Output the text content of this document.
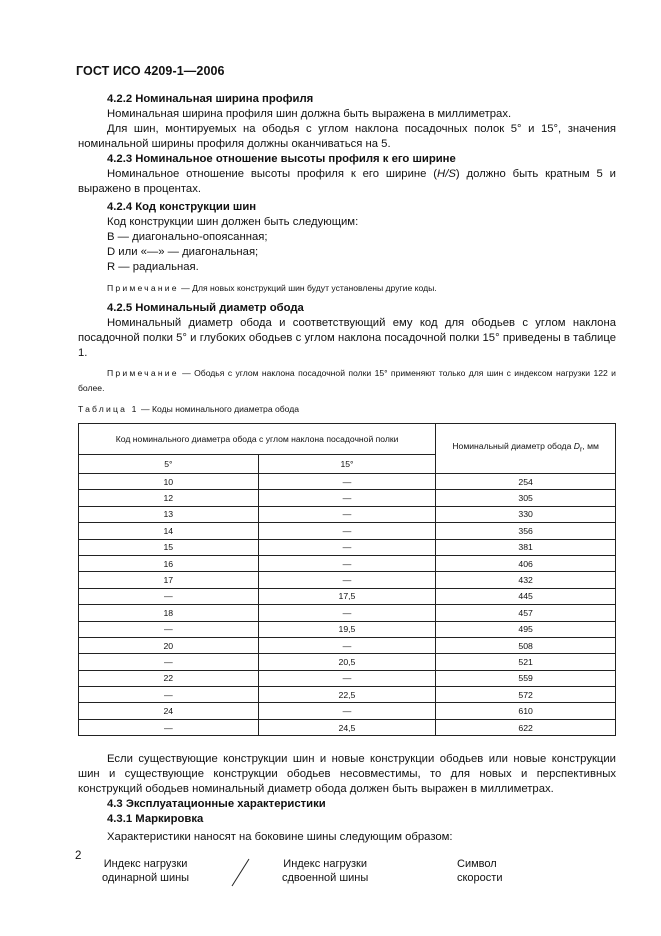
ГОСТ ИСО 4209-1—2006

4.2.2 Номинальная ширина профиля

Номинальная ширина профиля шин должна быть выражена в миллиметрах.

Для шин, монтируемых на ободья с углом наклона посадочных полок 5° и 15°, значения номинальной ширины профиля должны оканчиваться на 5.

4.2.3 Номинальное отношение высоты профиля к его ширине

Номинальное отношение высоты профиля к его ширине (H/S) должно быть кратным 5 и выражено в процентах.

4.2.4 Код конструкции шин

Код конструкции шин должен быть следующим:

B — диагонально-опоясанная;

D или «—» — диагональная;

R — радиальная.

Примечание — Для новых конструкций шин будут установлены другие коды.

4.2.5 Номинальный диаметр обода

Номинальный диаметр обода и соответствующий ему код для ободьев с углом наклона посадочной полки 5° и глубоких ободьев с углом наклона посадочной полки 15° приведены в таблице 1.

Примечание — Ободья с углом наклона посадочной полки 15° применяют только для шин с индексом нагрузки 122 и более.

Таблица 1 — Коды номинального диаметра обода

Код номинального диаметра обода с углом наклона посадочной полки		Номинальный диаметр обода $D_r$, мм
5°	15°	
10	—	254
12	—	305
13	—	330
14	—	356
15	—	381
16	—	406
17	—	432
—	17,5	445
18	—	457
—	19,5	495
20	—	508
—	20,5	521
22	—	559
—	22,5	572
24	—	610
—	24,5	622

Если существующие конструкции шин и новые конструкции ободьев или новые конструкции шин и существующие конструкции ободьев несовместимы, то для новых и перспективных конструкций ободьев номинальный диаметр обода должен быть выражен в миллиметрах.

4.3 Эксплуатационные характеристики

4.3.1 Маркировка

Характеристики наносят на боковине шины следующим образом:

Индекс нагрузки
одинарной шины
Индекс нагрузки
сдвоенной шины
Символ
скорости
2
